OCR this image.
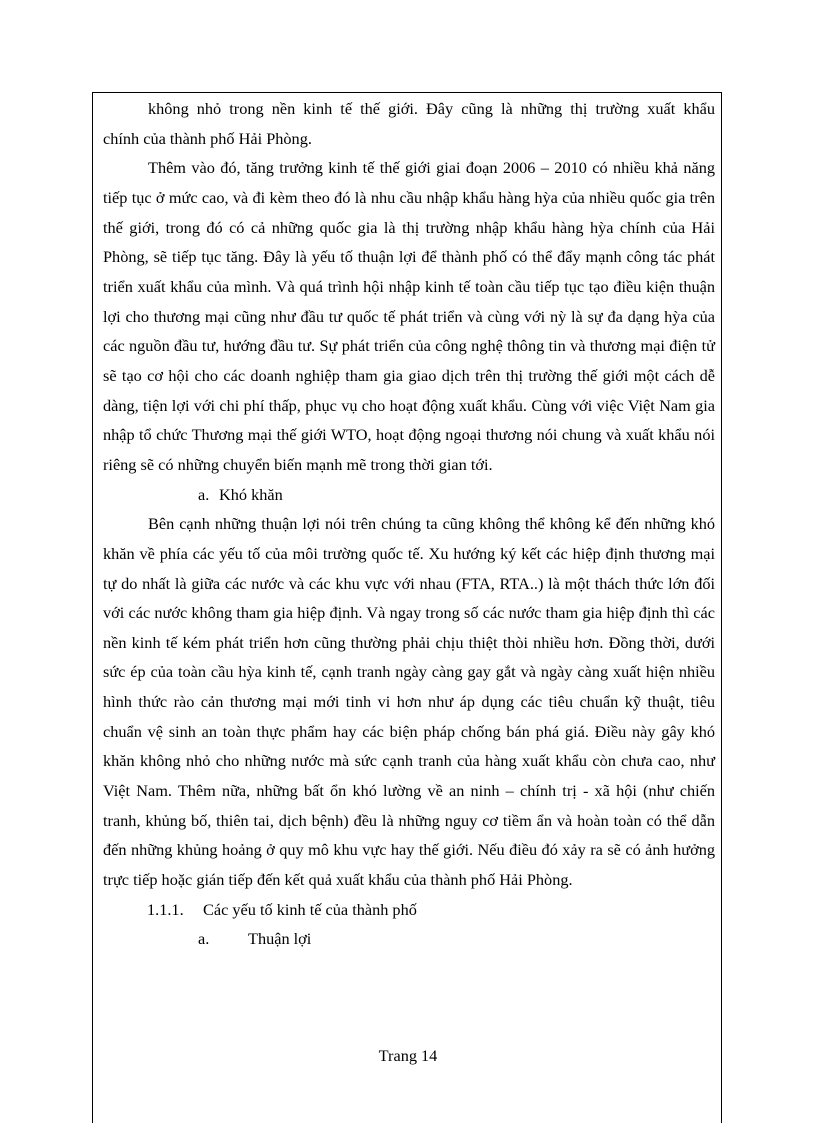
không nhỏ trong nền kinh tế thế giới. Đây cũng là những thị trường xuất khẩu
chính của thành phố Hải Phòng.

Thêm vào đó, tăng trưởng kinh tế thế giới giai đoạn 2006 – 2010 có nhiều khả năng tiếp tục ở mức cao, và đi kèm theo đó là nhu cầu nhập khẩu hàng hỳa của nhiều quốc gia trên thế giới, trong đó có cả những quốc gia là thị trường nhập khẩu hàng hỳa chính của Hải Phòng, sẽ tiếp tục tăng. Đây là yếu tố thuận lợi để thành phố có thể đẩy mạnh công tác phát triển xuất khẩu của mình. Và quá trình hội nhập kinh tế toàn cầu tiếp tục tạo điều kiện thuận lợi cho thương mại cũng như đầu tư quốc tế phát triển và cùng với nỳ là sự đa dạng hỳa của các nguồn đầu tư, hướng đầu tư. Sự phát triển của công nghệ thông tin và thương mại điện tử sẽ tạo cơ hội cho các doanh nghiệp tham gia giao dịch trên thị trường thế giới một cách dễ dàng, tiện lợi với chi phí thấp, phục vụ cho hoạt động xuất khẩu. Cùng với việc Việt Nam gia nhập tổ chức Thương mại thế giới WTO, hoạt động ngoại thương nói chung và xuất khẩu nói riêng sẽ có những chuyển biến mạnh mẽ trong thời gian tới.

a. Khó khăn

Bên cạnh những thuận lợi nói trên chúng ta cũng không thể không kể đến những khó khăn về phía các yếu tố của môi trường quốc tế. Xu hướng ký kết các hiệp định thương mại tự do nhất là giữa các nước và các khu vực với nhau (FTA, RTA..) là một thách thức lớn đối với các nước không tham gia hiệp định. Và ngay trong số các nước tham gia hiệp định thì các nền kinh tế kém phát triển hơn cũng thường phải chịu thiệt thòi nhiều hơn. Đồng thời, dưới sức ép của toàn cầu hỳa kinh tế, cạnh tranh ngày càng gay gắt và ngày càng xuất hiện nhiều hình thức rào cản thương mại mới tinh vi hơn như áp dụng các tiêu chuẩn kỹ thuật, tiêu chuẩn vệ sinh an toàn thực phẩm hay các biện pháp chống bán phá giá. Điều này gây khó khăn không nhỏ cho những nước mà sức cạnh tranh của hàng xuất khẩu còn chưa cao, như Việt Nam. Thêm nữa, những bất ổn khó lường về an ninh – chính trị - xã hội (như chiến tranh, khủng bố, thiên tai, dịch bệnh) đều là những nguy cơ tiềm ẩn và hoàn toàn có thể dẫn đến những khủng hoảng ở quy mô khu vực hay thế giới. Nếu điều đó xảy ra sẽ có ảnh hưởng trực tiếp hoặc gián tiếp đến kết quả xuất khẩu của thành phố Hải Phòng.

1.1.1. Các yếu tố kinh tế của thành phố

a. Thuận lợi

Trang 14
